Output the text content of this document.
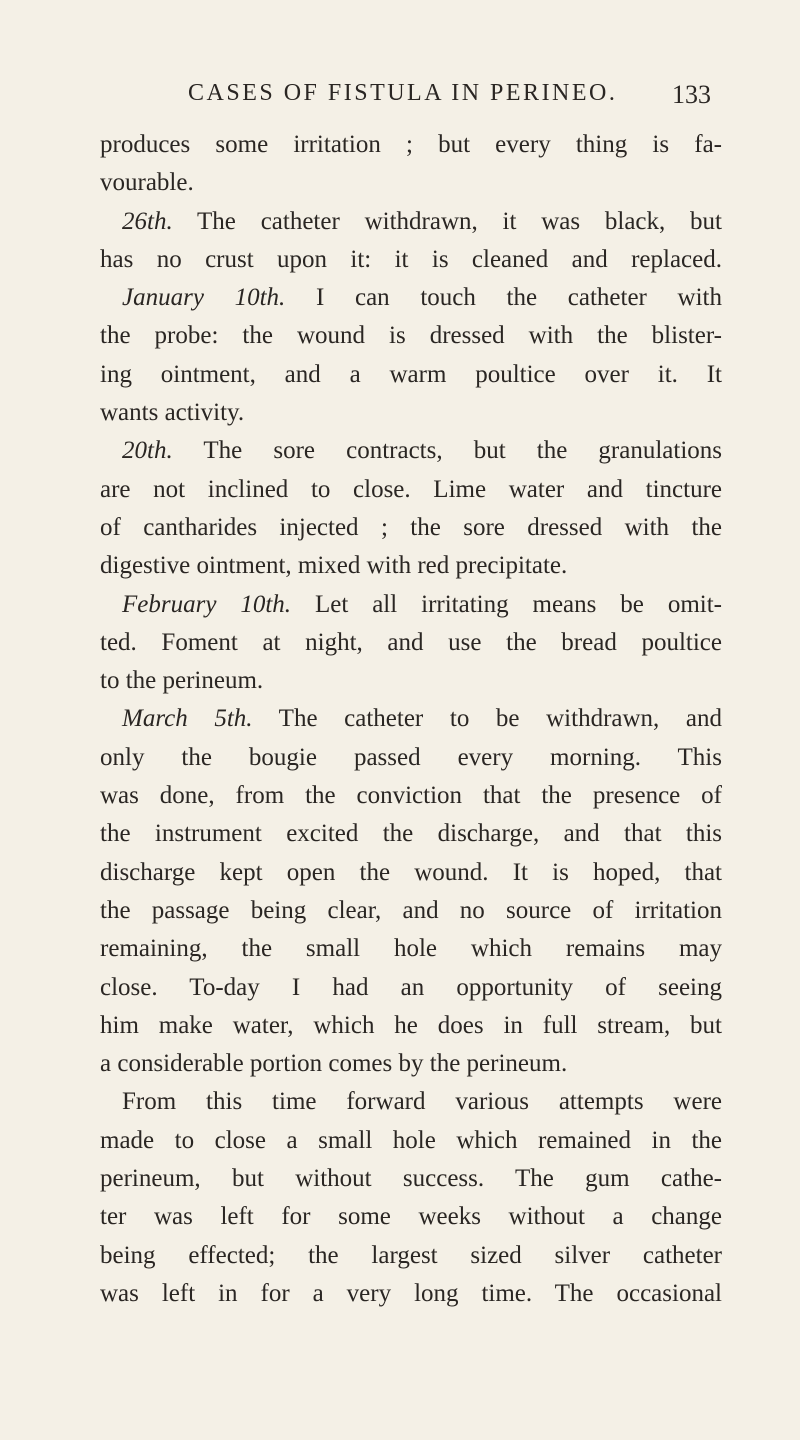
CASES OF FISTULA IN PERINEO. 133
produces some irritation ; but every thing is fa-
vourable.
26th. The catheter withdrawn, it was black, but
has no crust upon it: it is cleaned and replaced.
January 10th. I can touch the catheter with
the probe: the wound is dressed with the blister-
ing ointment, and a warm poultice over it. It
wants activity.
20th. The sore contracts, but the granulations
are not inclined to close. Lime water and tincture
of cantharides injected ; the sore dressed with the
digestive ointment, mixed with red precipitate.
February 10th. Let all irritating means be omit-
ted. Foment at night, and use the bread poultice
to the perineum.
March 5th. The catheter to be withdrawn, and
only the bougie passed every morning. This
was done, from the conviction that the presence of
the instrument excited the discharge, and that this
discharge kept open the wound. It is hoped, that
the passage being clear, and no source of irritation
remaining, the small hole which remains may
close. To-day I had an opportunity of seeing
him make water, which he does in full stream, but
a considerable portion comes by the perineum.
From this time forward various attempts were
made to close a small hole which remained in the
perineum, but without success. The gum cathe-
ter was left for some weeks without a change
being effected; the largest sized silver catheter
was left in for a very long time. The occasional
